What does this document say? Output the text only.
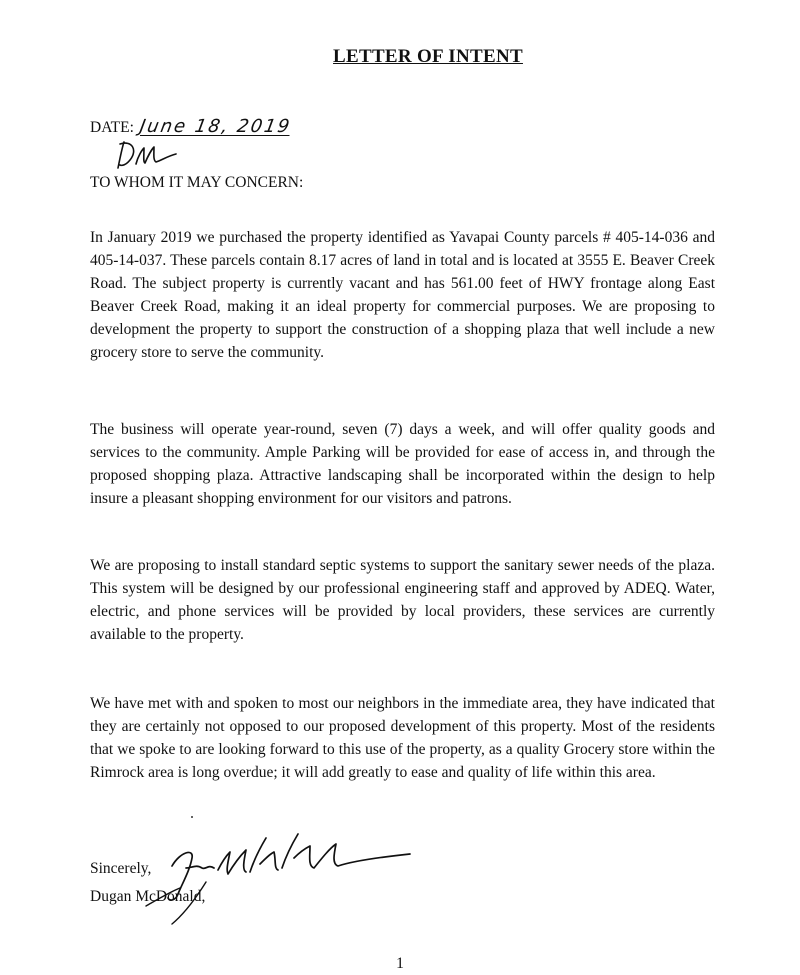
LETTER OF INTENT
DATE: June 18, 2019
TO WHOM IT MAY CONCERN:

In January 2019 we purchased the property identified as Yavapai County parcels # 405-14-036 and 405-14-037. These parcels contain 8.17 acres of land in total and is located at 3555 E. Beaver Creek Road. The subject property is currently vacant and has 561.00 feet of HWY frontage along East Beaver Creek Road, making it an ideal property for commercial purposes. We are proposing to development the property to support the construction of a shopping plaza that well include a new grocery store to serve the community.

The business will operate year-round, seven (7) days a week, and will offer quality goods and services to the community. Ample Parking will be provided for ease of access in, and through the proposed shopping plaza. Attractive landscaping shall be incorporated within the design to help insure a pleasant shopping environment for our visitors and patrons.

We are proposing to install standard septic systems to support the sanitary sewer needs of the plaza. This system will be designed by our professional engineering staff and approved by ADEQ. Water, electric, and phone services will be provided by local providers, these services are currently available to the property.

We have met with and spoken to most our neighbors in the immediate area, they have indicated that they are certainly not opposed to our proposed development of this property. Most of the residents that we spoke to are looking forward to this use of the property, as a quality Grocery store within the Rimrock area is long overdue; it will add greatly to ease and quality of life within this area.

Sincerely,
Dugan McDonald,
1
